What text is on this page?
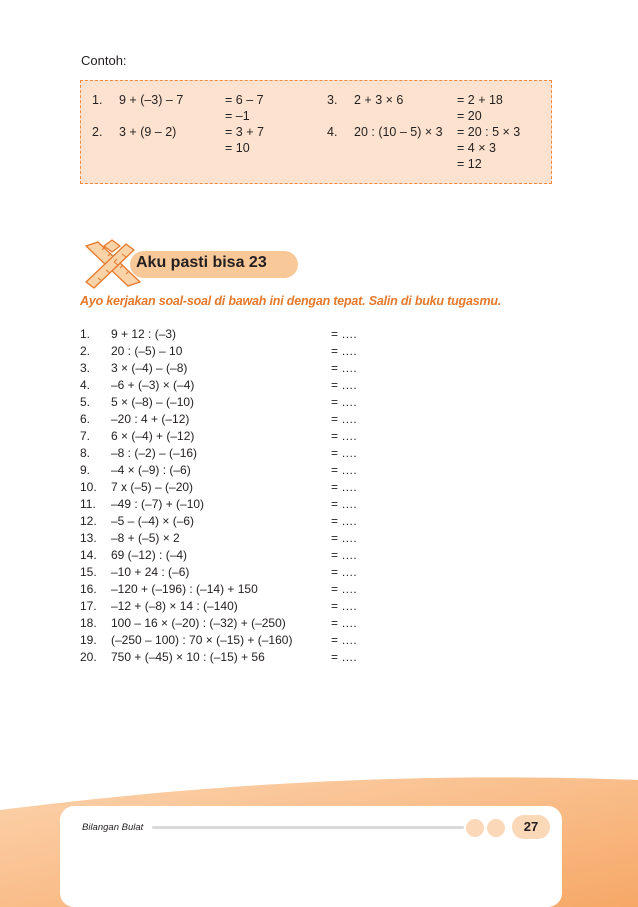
Contoh:
1. 9 + (–3) – 7	= 6 – 7
= –1
2. 3 + (9 – 2)	= 3 + 7
= 10
3. 2 + 3 × 6	= 2 + 18
= 20
4. 20 : (10 – 5) × 3 = 20 : 5 × 3
= 4 × 3
= 12
Aku pasti bisa 23
Ayo kerjakan soal-soal di bawah ini dengan tepat. Salin di buku tugasmu.
1. 9 + 12 : (–3)	= ….
2. 20 : (–5) – 10	= ….
3. 3 × (–4) – (–8)	= ….
4. –6 + (–3) × (–4)	= ….
5. 5 × (–8) – (–10)	= ….
6. –20 : 4 + (–12)	= ….
7. 6 × (–4) + (–12)	= ….
8. –8 : (–2) – (–16)	= ….
9. –4 × (–9) : (–6)	= ….
10. 7 x (–5) – (–20)	= ….
11. –49 : (–7) + (–10)	= ….
12. –5 – (–4) × (–6)	= ….
13. –8 + (–5) × 2	= ….
14. 69 (–12) : (–4)	= ….
15. –10 + 24 : (–6)	= ….
16. –120 + (–196) : (–14) + 150	= ….
17. –12 + (–8) × 14 : (–140)	= ….
18. 100 – 16 × (–20) : (–32) + (–250)	= ….
19. (–250 – 100) : 70 × (–15) + (–160)	= ….
20. 750 + (–45) × 10 : (–15) + 56	= ….
Bilangan Bulat	27
